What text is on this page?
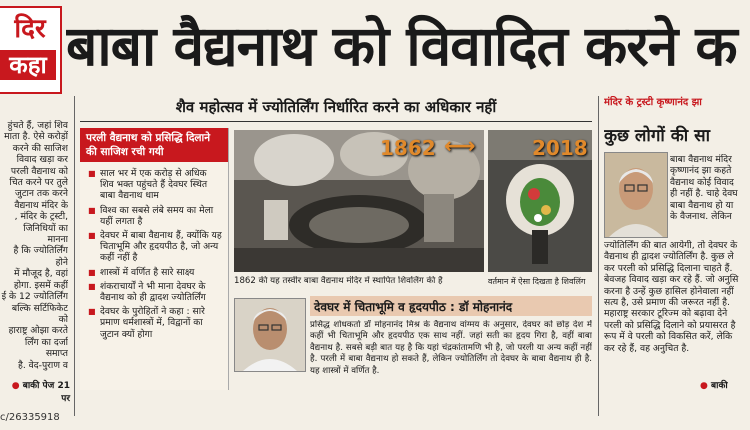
दिर
कहा बाबा वैद्यनाथ को विवादित करने क

हुंचते हैं, जहां शिव

माता है. ऐसे करोड़ों

करने की साजिश

विवाद खड़ा कर

परली वैद्यनाथ को

चित करने पर तुले

जुटान तक करने

वैद्यनाथ मंदिर के

, मंदिर के ट्रस्टी,

जिनिधियों का मानना

है कि ज्योतिर्लिंग होने

में मौजूद है, वहां

होगा. इसमें कहीं

ई के 12 ज्योतिर्लिंग

बल्कि सर्टिफिकेट को

हाराष्ट्र ओझा करते

र्लिंग का दर्जा समाप्त

है. वेद-पुराण व

● बाकी पेज 21 पर
c/26335918
शैव महोत्सव में ज्योतिर्लिंग निर्धारित करने का अधिकार नहीं
परली वैद्यनाथ को प्रसिद्धि दिलाने की साजिश रची गयी
■ साल भर में एक करोड़ से अधिक शिव भक्त पहुंचते हैं देवघर स्थित बाबा वैद्यनाथ धाम
■ विश्व का सबसे लंबे समय का मेला यहीं लगता है
■ देवघर में बाबा वैद्यनाथ हैं, क्योंकि यह चिताभूमि और हृदयपीठ है, जो अन्य कहीं नहीं है
■ शास्त्रों में वर्णित है सारे साक्ष्य
■ शंकराचार्यों ने भी माना देवघर के वैद्यनाथ को ही द्वादश ज्योतिर्लिंग
■ देवघर के पुरोहितों ने कहा : सारे प्रमाण धर्मशास्त्रों में, विद्वानों का जुटान क्यों होगा
1862 ⟷	2018
1862 की यह तस्वीर बाबा वैद्यनाथ मंदिर में स्थापित शिवलिंग की है	वर्तमान में ऐसा दिखता है शिवलिंग
देवघर में चिताभूमि व हृदयपीठ : डॉ मोहनानंद
प्रसिद्ध शोधकर्ता डॉ मोहनानंद मिश्र के वैद्यनाथ वांग्मय के अनुसार, देवघर को छोड़ देश में कहीं भी चिताभूमि और हृदयपीठ एक साथ नहीं. जहां सती का हृदय गिरा है, वहीं बाबा वैद्यनाथ है. सबसे बड़ी बात यह है कि यहां चंद्रकांतामणि भी है, जो परली या अन्य कहीं नहीं है. परली में बाबा वैद्यनाथ हो सकते हैं, लेकिन ज्योतिर्लिंग तो देवघर के बाबा वैद्यनाथ ही है. यह शास्त्रों में वर्णित है.
मंदिर के ट्रस्टी कृष्णानंद झा
कुछ लोगों की सा

बाबा वैद्यनाथ मंदिर

कृष्णानंद झा कहते

वैद्यनाथ कोई विवाद

ही नहीं है. चाहे देवघ

बाबा वैद्यनाथ हो या

के वैजनाथ. लेकिन

ज्योतिर्लिंग की बात आयेगी, तो देवघर के

वैद्यनाथ ही द्वादश ज्योतिर्लिंग है. कुछ ले

कर परली को प्रसिद्धि दिलाना चाहते हैं.

बेवजह विवाद खड़ा कर रहे हैं. जो अनुसि

करना है उन्हें कुछ हासिल होनेवाला नहीं

सत्य है, उसे प्रमाण की जरूरत नहीं है.

महाराष्ट्र सरकार टूरिज्म को बढ़ावा देने

परली को प्रसिद्धि दिलाने को प्रयासरत है

रूप में वे परली को विकसित करें, लेकि

कर रहे हैं, वह अनुचित है.

● बाकी
